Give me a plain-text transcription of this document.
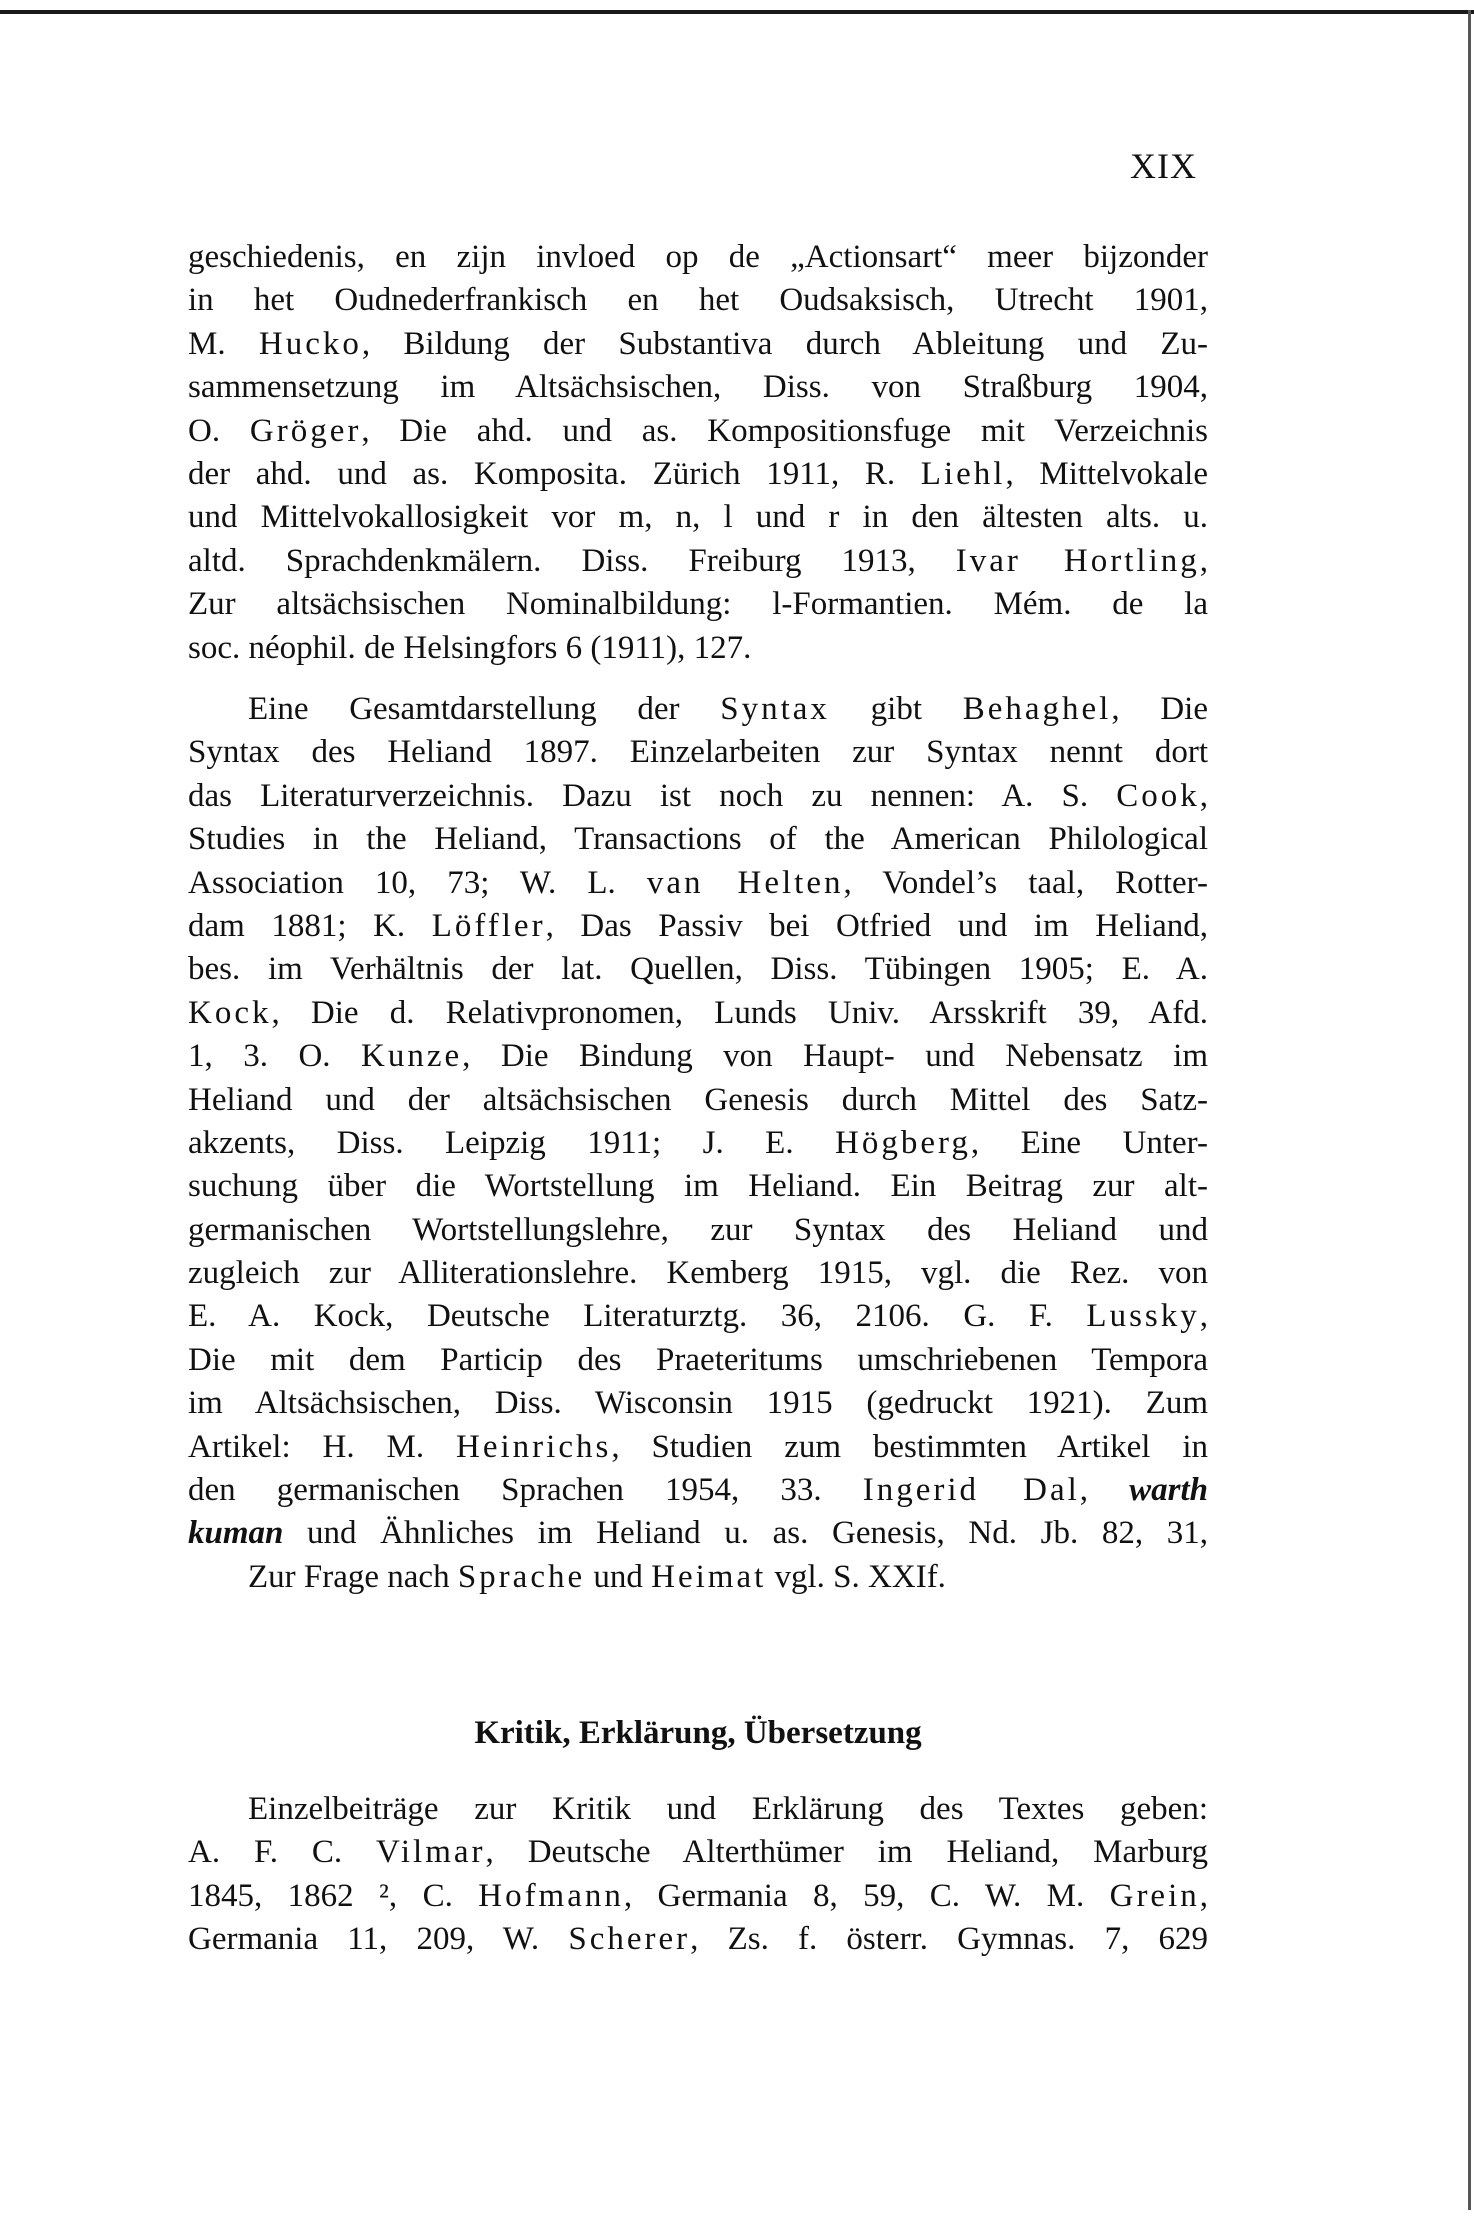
XIX
geschiedenis, en zijn invloed op de „Actionsart“ meer bijzonder
in het Oudnederfrankisch en het Oudsaksisch, Utrecht 1901,
M. Hucko, Bildung der Substantiva durch Ableitung und Zu-
sammensetzung im Altsächsischen, Diss. von Straßburg 1904,
O. Gröger, Die ahd. und as. Kompositionsfuge mit Verzeichnis
der ahd. und as. Komposita. Zürich 1911, R. Liehl, Mittelvokale
und Mittelvokallosigkeit vor m, n, l und r in den ältesten alts. u.
altd. Sprachdenkmälern. Diss. Freiburg 1913, Ivar Hortling,
Zur altsächsischen Nominalbildung: l-Formantien. Mém. de la
soc. néophil. de Helsingfors 6 (1911), 127.
Eine Gesamtdarstellung der Syntax gibt Behaghel, Die
Syntax des Heliand 1897. Einzelarbeiten zur Syntax nennt dort
das Literaturverzeichnis. Dazu ist noch zu nennen: A. S. Cook,
Studies in the Heliand, Transactions of the American Philological
Association 10, 73; W. L. van Helten, Vondel’s taal, Rotter-
dam 1881; K. Löffler, Das Passiv bei Otfried und im Heliand,
bes. im Verhältnis der lat. Quellen, Diss. Tübingen 1905; E. A.
Kock, Die d. Relativpronomen, Lunds Univ. Arsskrift 39, Afd.
1, 3. O. Kunze, Die Bindung von Haupt- und Nebensatz im
Heliand und der altsächsischen Genesis durch Mittel des Satz-
akzents, Diss. Leipzig 1911; J. E. Högberg, Eine Unter-
suchung über die Wortstellung im Heliand. Ein Beitrag zur alt-
germanischen Wortstellungslehre, zur Syntax des Heliand und
zugleich zur Alliterationslehre. Kemberg 1915, vgl. die Rez. von
E. A. Kock, Deutsche Literaturztg. 36, 2106. G. F. Lussky,
Die mit dem Particip des Praeteritums umschriebenen Tempora
im Altsächsischen, Diss. Wisconsin 1915 (gedruckt 1921). Zum
Artikel: H. M. Heinrichs, Studien zum bestimmten Artikel in
den germanischen Sprachen 1954, 33. Ingerid Dal, warth
kuman und Ähnliches im Heliand u. as. Genesis, Nd. Jb. 82, 31,
Zur Frage nach Sprache und Heimat vgl. S. XXIf.
Kritik, Erklärung, Übersetzung
Einzelbeiträge zur Kritik und Erklärung des Textes geben:
A. F. C. Vilmar, Deutsche Alterthümer im Heliand, Marburg
1845, 1862 ², C. Hofmann, Germania 8, 59, C. W. M. Grein,
Germania 11, 209, W. Scherer, Zs. f. österr. Gymnas. 7, 629
